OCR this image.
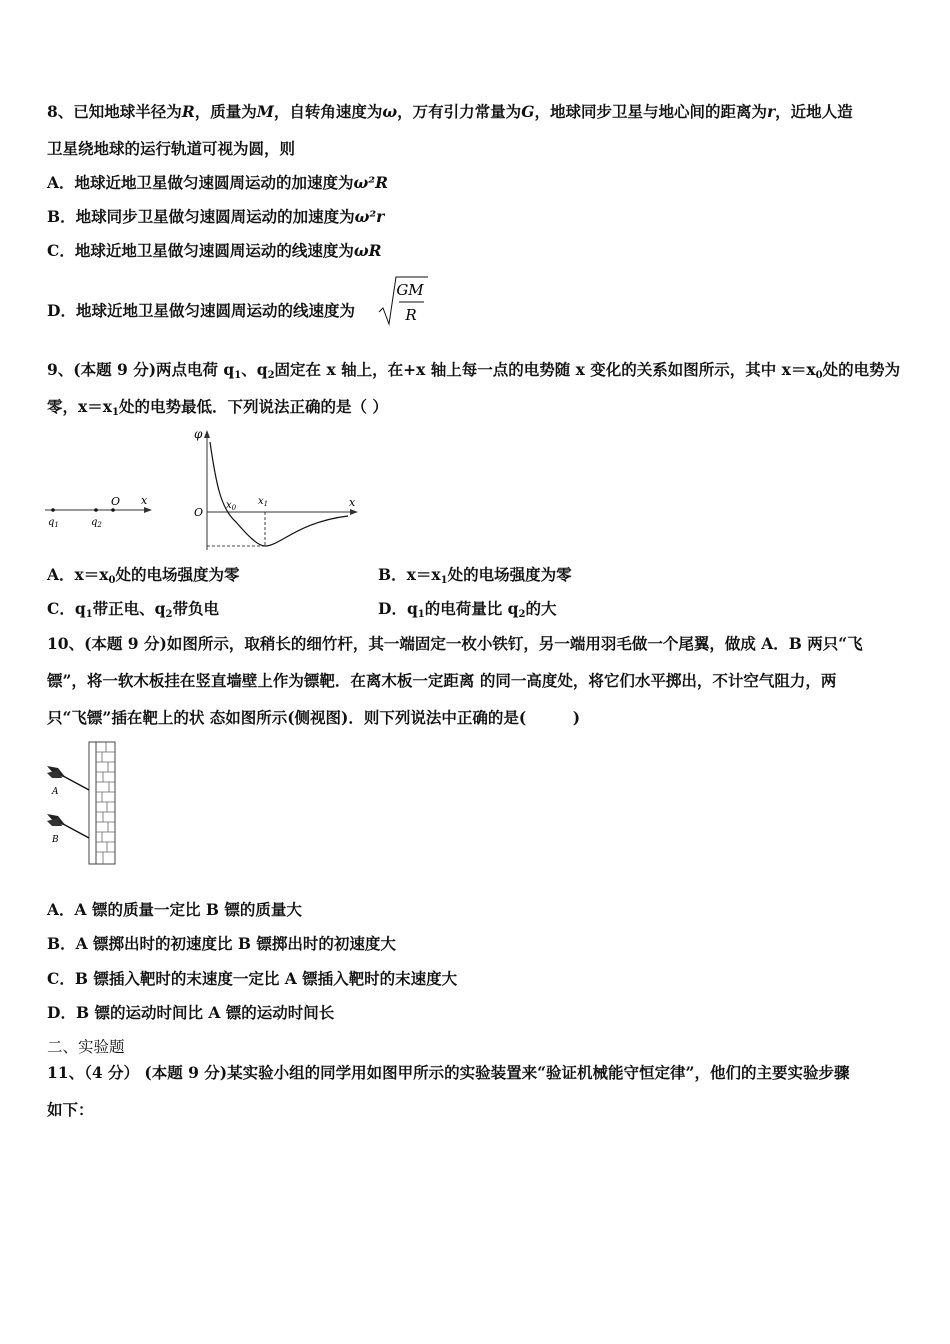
8、已知地球半径为R，质量为M，自转角速度为ω，万有引力常量为G，地球同步卫星与地心间的距离为r，近地人造
卫星绕地球的运行轨道可视为圆，则
A．地球近地卫星做匀速圆周运动的加速度为ω²R
B．地球同步卫星做匀速圆周运动的加速度为ω²r
C．地球近地卫星做匀速圆周运动的线速度为ωR
D．地球近地卫星做匀速圆周运动的线速度为
GM
R
9、(本题 9 分)两点电荷 $q_1$、$q_2$固定在 x 轴上，在+x 轴上每一点的电势随 x 变化的关系如图所示，其中 $x=x_0$处的电势为
零，$x=x_1$处的电势最低．下列说法正确的是（ ）
O x
$q_1$	$q_2$
φ
O
x
$x_0$
$x_1$
A．$x=x_0$处的电场强度为零	B．$x=x_1$处的电场强度为零
C．$q_1$带正电、$q_2$带负电	D．$q_1$的电荷量比 $q_2$的大
10、(本题 9 分)如图所示，取稍长的细竹杆，其一端固定一枚小铁钉，另一端用羽毛做一个尾翼，做成 A．B 两只“飞
镖”，将一软木板挂在竖直墙壁上作为镖靶．在离木板一定距离 的同一高度处，将它们水平掷出，不计空气阻力，两
只“飞镖”插在靶上的状 态如图所示(侧视图)．则下列说法中正确的是(　　　)
A
B
A．A 镖的质量一定比 B 镖的质量大
B．A 镖掷出时的初速度比 B 镖掷出时的初速度大
C．B 镖插入靶时的末速度一定比 A 镖插入靶时的末速度大
D．B 镖的运动时间比 A 镖的运动时间长
二、实验题
11、（4 分） (本题 9 分)某实验小组的同学用如图甲所示的实验装置来“验证机械能守恒定律”，他们的主要实验步骤
如下：
